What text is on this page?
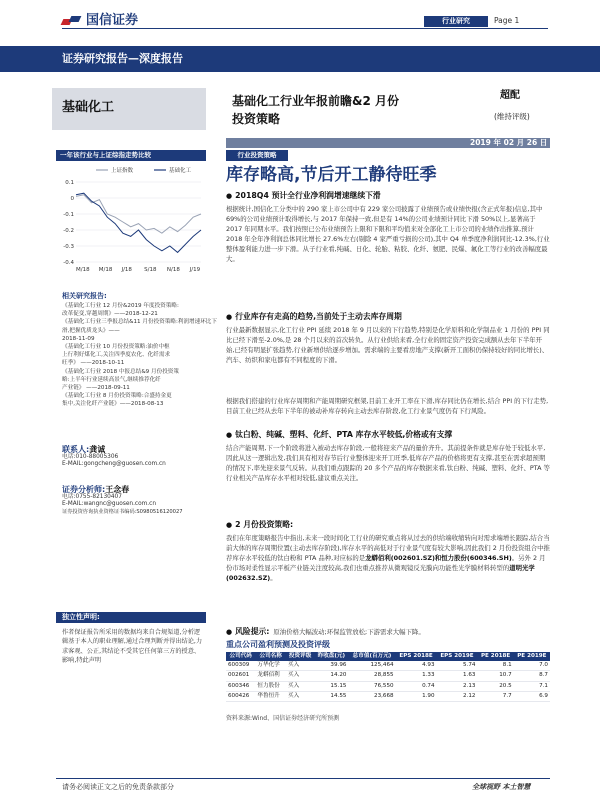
国信证券	行业研究	Page 1
证券研究报告—深度报告
基础化工	基础化工行业年报前瞻&2 月份
投资策略
超配
(维持评级)
2019 年 02 月 26 日
一年该行业与上证综指走势比较
上证指数	基础化工
0.1
0
-0.1
-0.2
-0.3
-0.4
M/18 M/18 J/18 S/18 N/18 J/19
相关研究报告:
《基础化工行业 12 月份&2019 年度投资策略:
改革促变,穿越周期》——2018-12-21
《基础化工行业三季报总结&11 月份投资策略:利润增速环比下滑,把握优质龙头》——
2018-11-09
《基础化工行业 10 月份投资策略:油价中枢
上行利好煤化工,关注四季度农化、化纤需求
旺季》 ——2018-10-11
《基础化工行业 2018 中报总结&9 月份投资策
略:上半年行业延续高景气,继续推荐化纤
产业链》 ——2018-09-11
《基础化工行业 8 月份投资策略:合盛持金更
集中,关注化纤产业链》——2018-08-13
联系人:龚诚
电话:010-88005306
E-MAIL:gongcheng@guosen.com.cn
证券分析师:王念春
电话:0755-82130407
E-MAIL:wangnc@guosen.com.cn
证券投资咨询执业资格证书编码:S0980516120027
独立性声明:
作者保证报告所采用的数据均来自合规渠道,分析逻辑基于本人的职业理解,通过合理判断并得出结论,力求客观、公正,其结论不受其它任何第三方的授意、影响,特此声明
行业投资策略
库存略高,节后开工静待旺季
● 2018Q4 预计全行业净利润增速继续下滑
根据统计,国信化工分类中的 290 家上市公司中有 229 家公司披露了业绩预告或业绩快报(含正式年报)信息,其中 69%的公司业绩预计取得增长,与 2017 年保持一致,但是有 14%的公司业绩预计同比下滑 50%以上,显著高于 2017 年同期水平。我们按照已公布业绩预告上限和下限和平均值来对全部化工上市公司的业绩作出推算,预计 2018 年全年净利润总体同比增长 27.6%左右(剔除 4 家严重亏损的公司),其中 Q4 单季度净利润同比-12.3%,行业整体盈利能力进一步下滑。从子行业看,纯碱、日化、轮胎、粘胶、化纤、氨肥、民爆、氟化工等行业的改善幅度最大。
● 行业库存有走高的趋势,当前处于主动去库存周期
行业最新数据显示,化工行业 PPI 延续 2018 年 9 月以来的下行趋势,特别是化学原料和化学制品业 1 月份的 PPI 同比已经下滑至-2.0%,是 28 个月以来的首次转负。从行业供给来看,全行业的固定资产投资完成额从去年下半年开始,已经有明显扩张趋势,行业新增供给逐步增加。需求端的主要看房地产支撑(新开工面积仍保持较好的同比增长)、汽车、纺织和家电都有不同程度的下滑。
根据我们搭建的行业库存周期和产能周期研究框架,目前工业开工率在下滑,库存同比仍在增长,结合 PPI 的下行走势,目前工业已经从去年下半年的被动补库存转向主动去库存阶段,化工行业景气度仍有下行风险。
● 钛白粉、纯碱、塑料、化纤、PTA 库存水平较低,价格或有支撑
结合产能周期,下一个阶段将进入被动去库存阶段,一般将迎来产品的量价齐升。其前提条件就是库存处于较低水平,因此从这一逻辑出发,我们具有相对春节后行业整体迎来开工旺季,低库存产品的价格将更有支撑,甚至在需求超预期的情况下,率先迎来景气反转。从我们重点跟踪的 20 多个产品的库存数据来看,钛白粉、纯碱、塑料、化纤、PTA 等行业相关产品库存水平相对较低,建议重点关注。
● 2 月份投资策略:
我们在年度策略报告中指出,未来一段时间化工行业的研究重点将从过去的供给端收缩转向对需求端增长跟踪,结合当前大体的库存周期位置(主动去库存阶段),库存水平的高低对于行业景气度有较大影响,因此我们 2 月份投资组合中推荐库存水平较低的钛白粉和 PTA 品种,对应标的是龙蟒佰利(002601.SZ)和恒力股份(600346.SH)。另外 2 月份市场对柔性显示平板产业链关注度较高,我们也重点推荐从微观镜反光膜向功能性光学膜材料转型的道明光学(002632.SZ)。
● 风险提示: 原油价格大幅波动;环保监管放松;下游需求大幅下降。
重点公司盈利预测及投资评级
公司代码	公司名称	投资评级	昨收盘(元)	总市值(百万元)	EPS 2018E	EPS 2019E	PE 2018E	PE 2019E
600309	万华化学	买入	39.96	125,464	4.93	5.74	8.1	7.0
002601	龙蟒佰利	买入	14.20	28,855	1.33	1.63	10.7	8.7
600346	恒力股份	买入	15.15	76,550	0.74	2.13	20.5	7.1
600426	华鲁恒升	买入	14.55	23,668	1.90	2.12	7.7	6.9
资料来源:Wind、国信证券经济研究所预测
请务必阅读正文之后的免责条款部分	全球视野 本土智慧
